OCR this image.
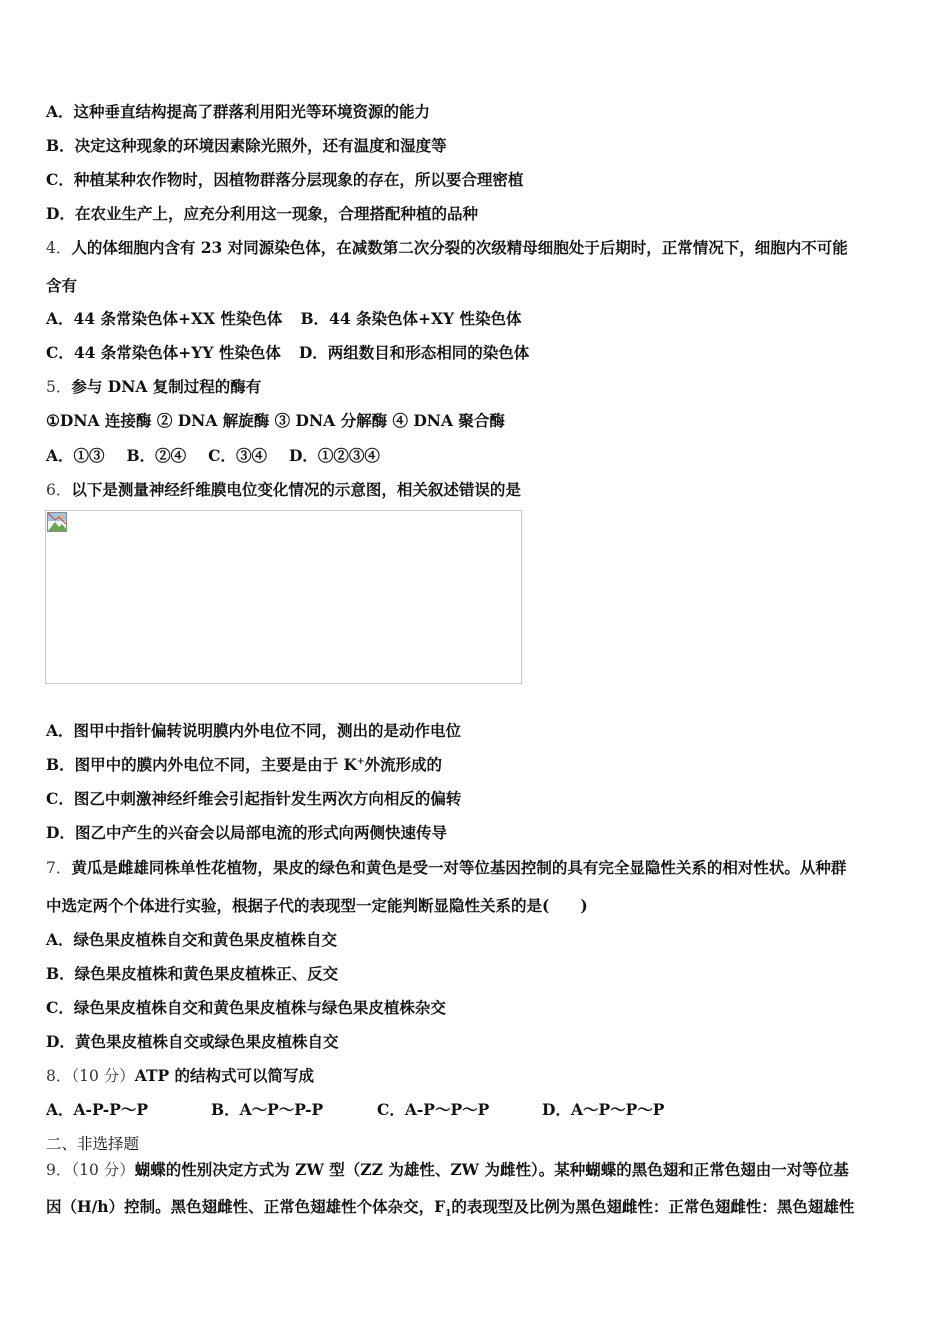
A．这种垂直结构提高了群落利用阳光等环境资源的能力
B．决定这种现象的环境因素除光照外，还有温度和湿度等
C．种植某种农作物时，因植物群落分层现象的存在，所以要合理密植
D．在农业生产上，应充分利用这一现象，合理搭配种植的品种
4．人的体细胞内含有 23 对同源染色体，在减数第二次分裂的次级精母细胞处于后期时，正常情况下，细胞内不可能
含有
A．44 条常染色体+XX 性染色体 B．44 条染色体+XY 性染色体
C．44 条常染色体+YY 性染色体 D．两组数目和形态相同的染色体
5．参与 DNA 复制过程的酶有
①DNA 连接酶 ② DNA 解旋酶 ③ DNA 分解酶 ④ DNA 聚合酶
A．①③ B．②④ C．③④ D．①②③④
6．以下是测量神经纤维膜电位变化情况的示意图，相关叙述错误的是
A．图甲中指针偏转说明膜内外电位不同，测出的是动作电位
B．图甲中的膜内外电位不同，主要是由于 K+外流形成的
C．图乙中刺激神经纤维会引起指针发生两次方向相反的偏转
D．图乙中产生的兴奋会以局部电流的形式向两侧快速传导
7．黄瓜是雌雄同株单性花植物，果皮的绿色和黄色是受一对等位基因控制的具有完全显隐性关系的相对性状。从种群
中选定两个个体进行实验，根据子代的表现型一定能判断显隐性关系的是(　　)
A．绿色果皮植株自交和黄色果皮植株自交
B．绿色果皮植株和黄色果皮植株正、反交
C．绿色果皮植株自交和黄色果皮植株与绿色果皮植株杂交
D．黄色果皮植株自交或绿色果皮植株自交
8．（10 分）ATP 的结构式可以简写成
A．A-P-P～P	B．A～P～P-P	C．A-P～P～P	D．A～P～P～P
二、非选择题
9．（10 分）蝴蝶的性别决定方式为 ZW 型（ZZ 为雄性、ZW 为雌性）。某种蝴蝶的黑色翅和正常色翅由一对等位基
因（H/h）控制。黑色翅雌性、正常色翅雄性个体杂交，$F_1$的表现型及比例为黑色翅雌性：正常色翅雌性：黑色翅雄性
